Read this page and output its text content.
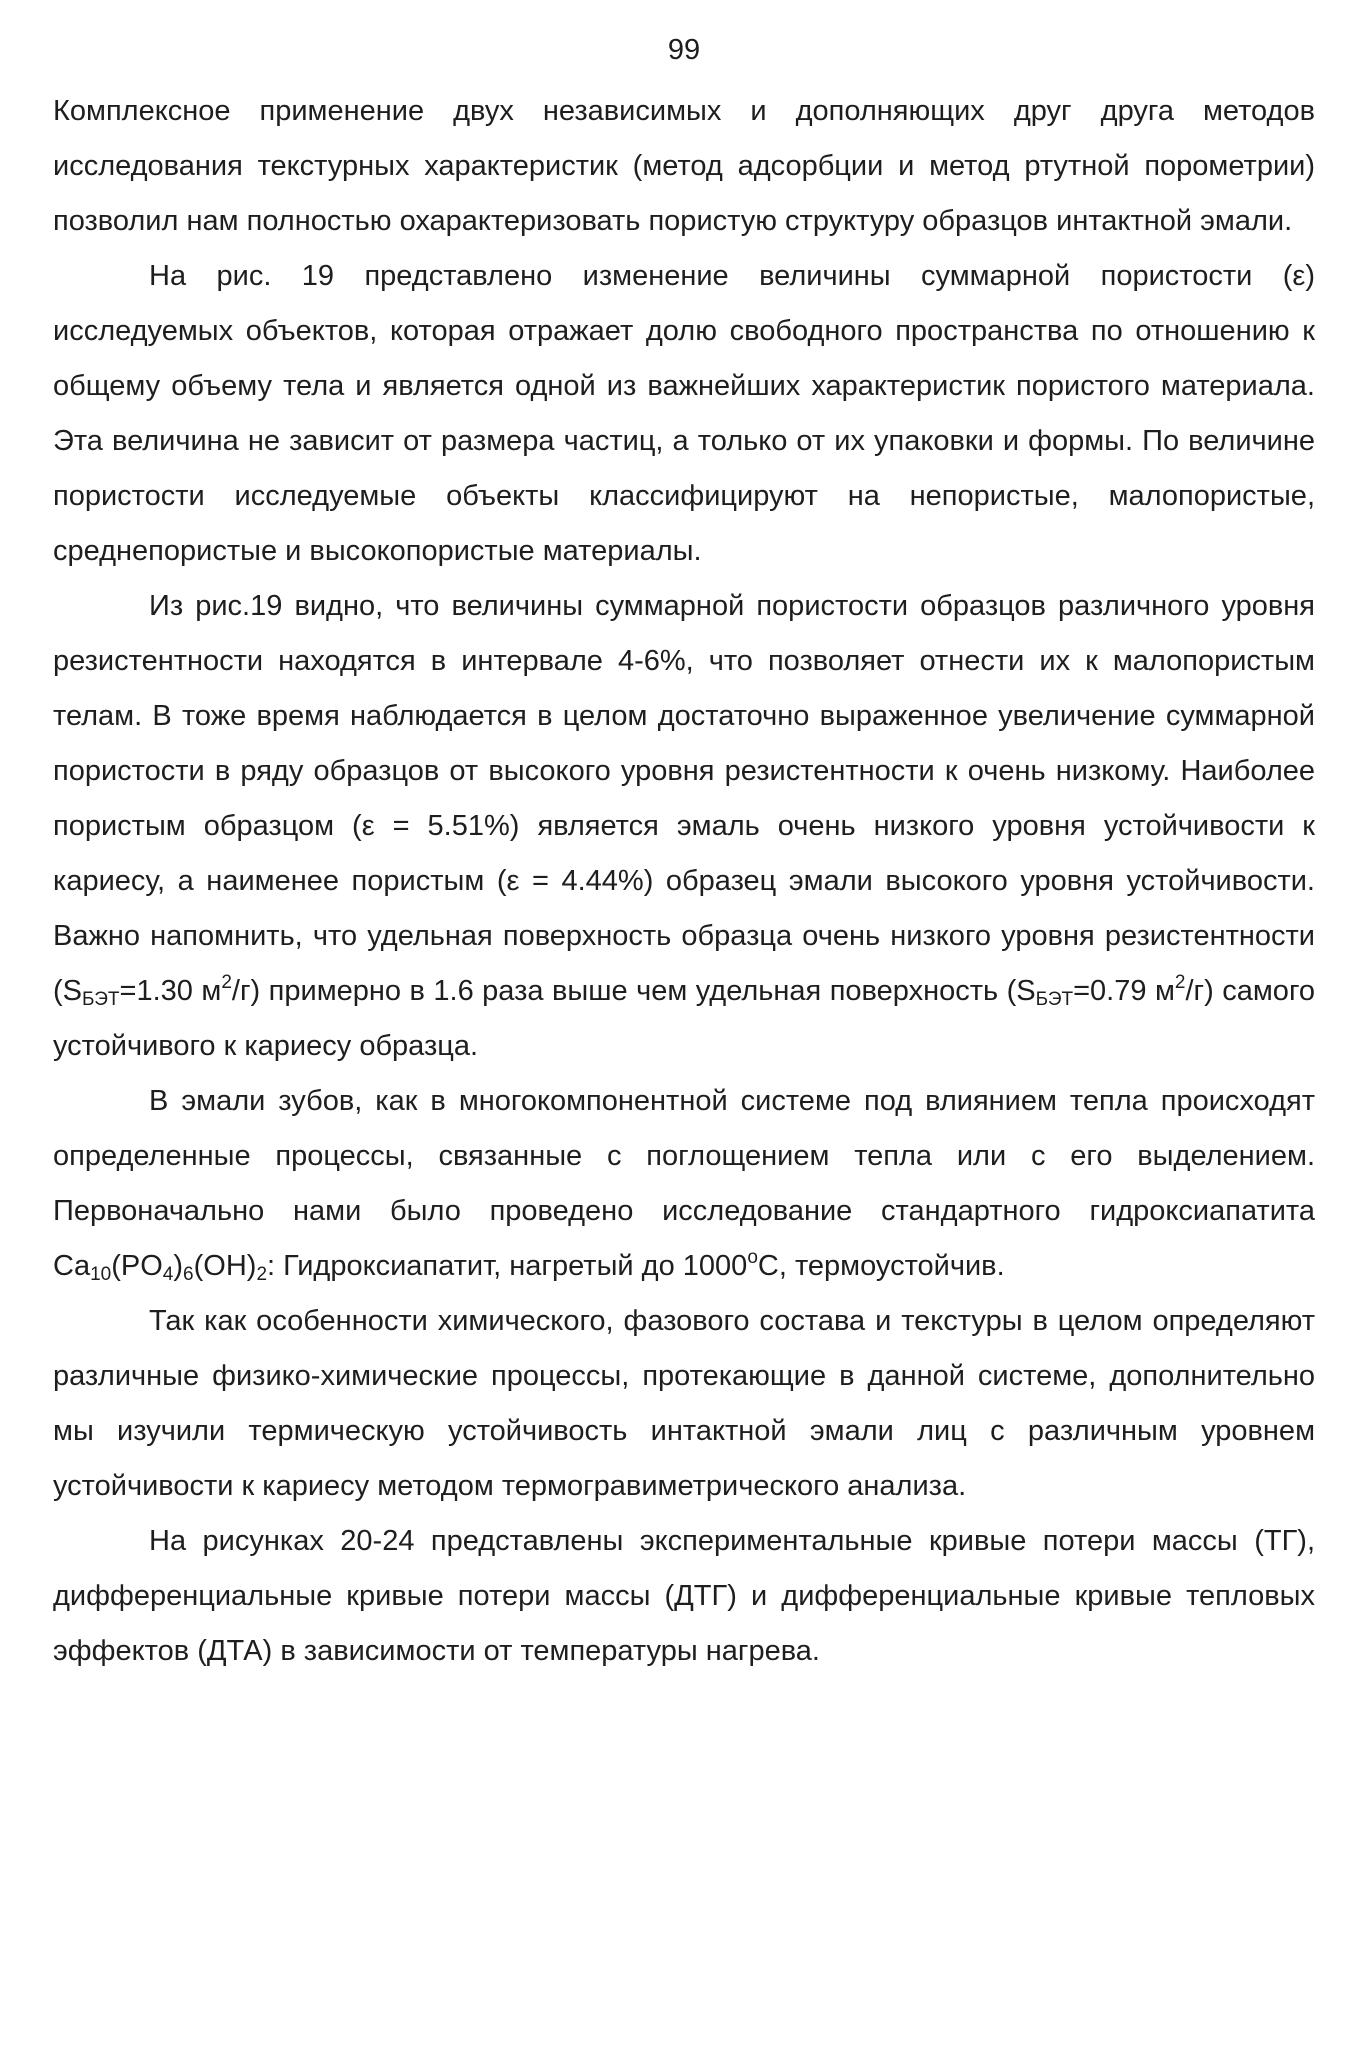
99

Комплексное применение двух независимых и дополняющих друг друга методов исследования текстурных характеристик (метод адсорбции и метод ртутной порометрии) позволил нам полностью охарактеризовать пористую структуру образцов интактной эмали.

На рис. 19 представлено изменение величины суммарной пористости (ε) исследуемых объектов, которая отражает долю свободного пространства по отношению к общему объему тела и является одной из важнейших характеристик пористого материала. Эта величина не зависит от размера частиц, а только от их упаковки и формы. По величине пористости исследуемые объекты классифицируют на непористые, малопористые, среднепористые и высокопористые материалы.

Из рис.19 видно, что величины суммарной пористости образцов различного уровня резистентности находятся в интервале 4-6%, что позволяет отнести их к малопористым телам. В тоже время наблюдается в целом достаточно выраженное увеличение суммарной пористости в ряду образцов от высокого уровня резистентности к очень низкому. Наиболее пористым образцом (ε = 5.51%) является эмаль очень низкого уровня устойчивости к кариесу, а наименее пористым (ε = 4.44%) образец эмали высокого уровня устойчивости. Важно напомнить, что удельная поверхность образца очень низкого уровня резистентности ($S_{БЭТ}=1.30$ $м^2/г$) примерно в 1.6 раза выше чем удельная поверхность ($S_{БЭТ}=0.79$ $м^2/г$) самого устойчивого к кариесу образца.

В эмали зубов, как в многокомпонентной системе под влиянием тепла происходят определенные процессы, связанные с поглощением тепла или с его выделением. Первоначально нами было проведено исследование стандартного гидроксиапатита $Ca_{10}(PO_4)_6(OH)_2$: Гидроксиапатит, нагретый до 1000$^o$С, термоустойчив.

Так как особенности химического, фазового состава и текстуры в целом определяют различные физико-химические процессы, протекающие в данной системе, дополнительно мы изучили термическую устойчивость интактной эмали лиц с различным уровнем устойчивости к кариесу методом термогравиметрического анализа.

На рисунках 20-24 представлены экспериментальные кривые потери массы (ТГ), дифференциальные кривые потери массы (ДТГ) и дифференциальные кривые тепловых эффектов (ДТА) в зависимости от температуры нагрева.
